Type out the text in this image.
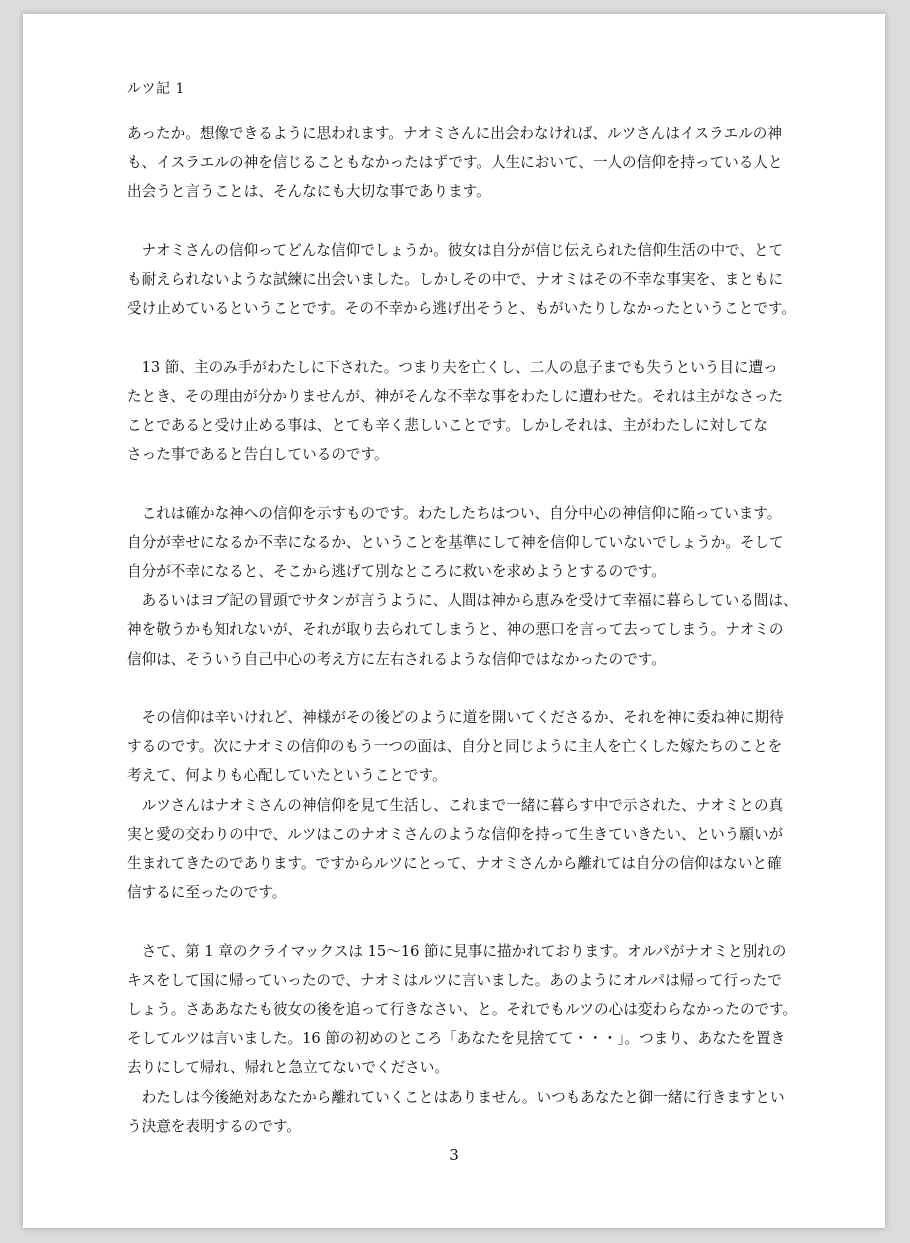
ルツ記 1
あったか。想像できるように思われます。ナオミさんに出会わなければ、ルツさんはイスラエルの神
も、イスラエルの神を信じることもなかったはずです。人生において、一人の信仰を持っている人と
出会うと言うことは、そんなにも大切な事であります。
　ナオミさんの信仰ってどんな信仰でしょうか。彼女は自分が信じ伝えられた信仰生活の中で、とて
も耐えられないような試練に出会いました。しかしその中で、ナオミはその不幸な事実を、まともに
受け止めているということです。その不幸から逃げ出そうと、もがいたりしなかったということです。
　13 節、主のみ手がわたしに下された。つまり夫を亡くし、二人の息子までも失うという目に遭っ
たとき、その理由が分かりませんが、神がそんな不幸な事をわたしに遭わせた。それは主がなさった
ことであると受け止める事は、とても辛く悲しいことです。しかしそれは、主がわたしに対してな
さった事であると告白しているのです。
　これは確かな神への信仰を示すものです。わたしたちはつい、自分中心の神信仰に陥っています。
自分が幸せになるか不幸になるか、ということを基準にして神を信仰していないでしょうか。そして
自分が不幸になると、そこから逃げて別なところに救いを求めようとするのです。
　あるいはヨブ記の冒頭でサタンが言うように、人間は神から恵みを受けて幸福に暮らしている間は、
神を敬うかも知れないが、それが取り去られてしまうと、神の悪口を言って去ってしまう。ナオミの
信仰は、そういう自己中心の考え方に左右されるような信仰ではなかったのです。
　その信仰は辛いけれど、神様がその後どのように道を開いてくださるか、それを神に委ね神に期待
するのです。次にナオミの信仰のもう一つの面は、自分と同じように主人を亡くした嫁たちのことを
考えて、何よりも心配していたということです。
　ルツさんはナオミさんの神信仰を見て生活し、これまで一緒に暮らす中で示された、ナオミとの真
実と愛の交わりの中で、ルツはこのナオミさんのような信仰を持って生きていきたい、という願いが
生まれてきたのであります。ですからルツにとって、ナオミさんから離れては自分の信仰はないと確
信するに至ったのです。
　さて、第 1 章のクライマックスは 15〜16 節に見事に描かれております。オルパがナオミと別れの
キスをして国に帰っていったので、ナオミはルツに言いました。あのようにオルパは帰って行ったで
しょう。さああなたも彼女の後を追って行きなさい、と。それでもルツの心は変わらなかったのです。
そしてルツは言いました。16 節の初めのところ「あなたを見捨てて・・・」。つまり、あなたを置き
去りにして帰れ、帰れと急立てないでください。
　わたしは今後絶対あなたから離れていくことはありません。いつもあなたと御一緒に行きますとい
う決意を表明するのです。
3
